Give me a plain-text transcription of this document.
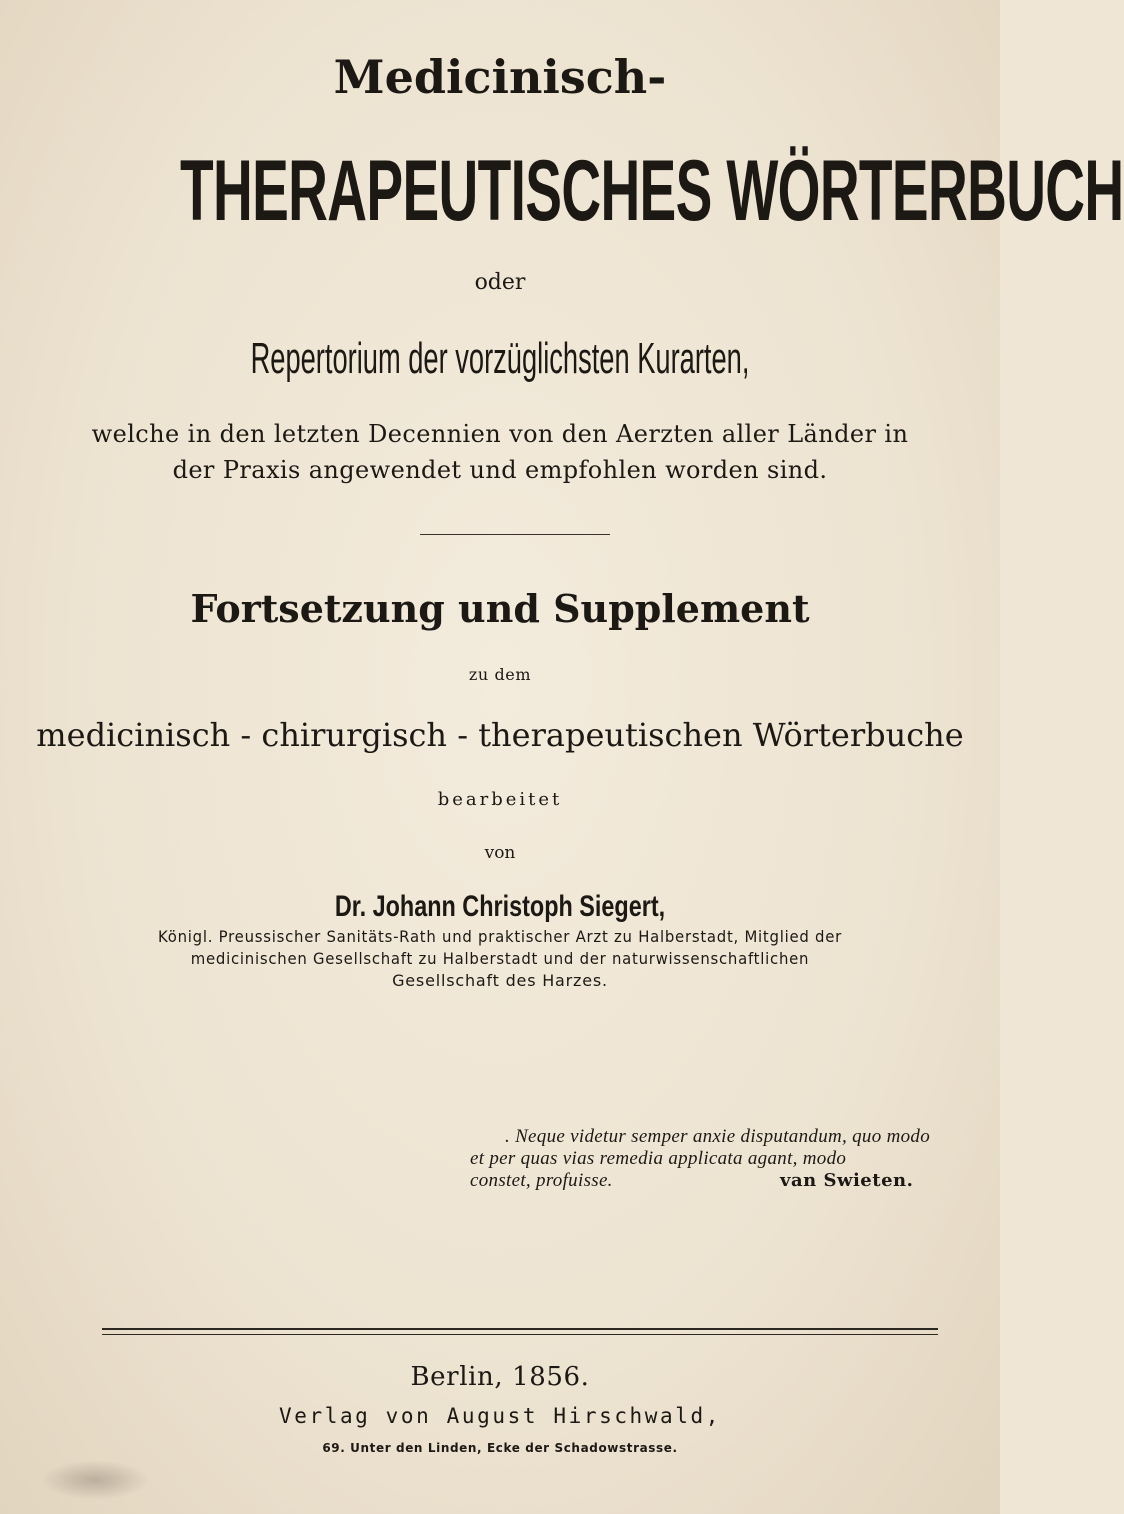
Medicinisch-

THERAPEUTISCHES WÖRTERBUCH

oder

Repertorium der vorzüglichsten Kurarten,

welche in den letzten Decennien von den Aerzten aller Länder in

der Praxis angewendet und empfohlen worden sind.

Fortsetzung und Supplement

zu dem

medicinisch - chirurgisch - therapeutischen Wörterbuche

bearbeitet

von

Dr. Johann Christoph Siegert,

Königl. Preussischer Sanitäts-Rath und praktischer Arzt zu Halberstadt, Mitglied der

medicinischen Gesellschaft zu Halberstadt und der naturwissenschaftlichen

Gesellschaft des Harzes.

. Neque videtur semper anxie disputandum, quo modo
et per quas vias remedia applicata agant, modo
constet, profuisse.	van Swieten.

Berlin, 1856.

Verlag von August Hirschwald,

69. Unter den Linden, Ecke der Schadowstrasse.
